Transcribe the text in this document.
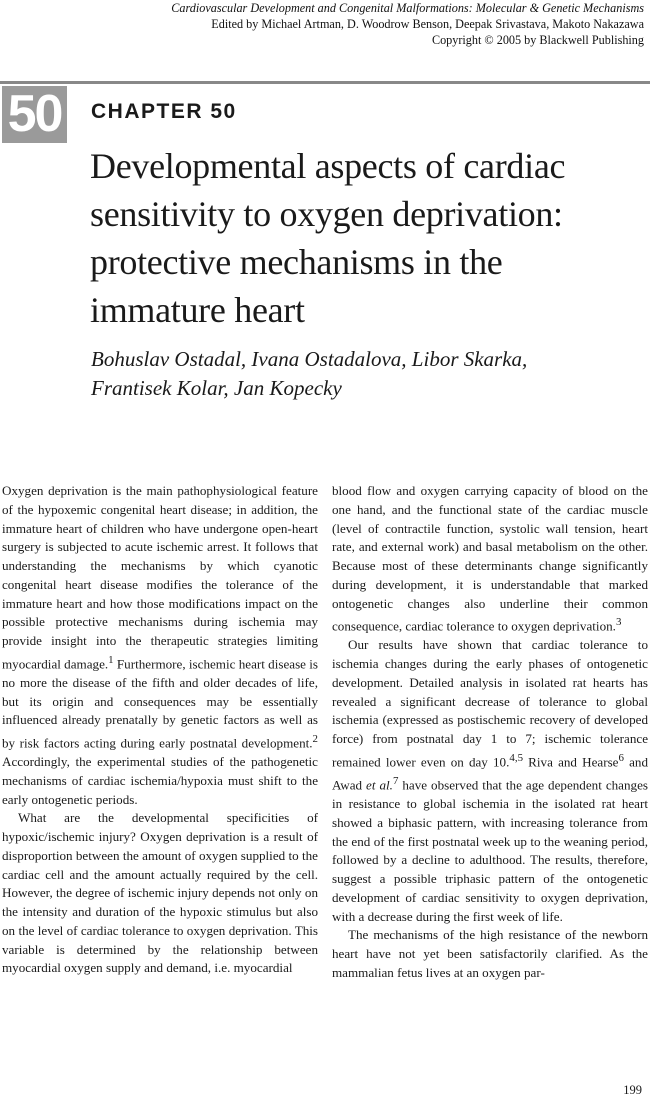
Cardiovascular Development and Congenital Malformations: Molecular & Genetic Mechanisms
Edited by Michael Artman, D. Woodrow Benson, Deepak Srivastava, Makoto Nakazawa
Copyright © 2005 by Blackwell Publishing
50 CHAPTER 50
Developmental aspects of cardiac
sensitivity to oxygen deprivation:
protective mechanisms in the
immature heart
Bohuslav Ostadal, Ivana Ostadalova, Libor Skarka,
Frantisek Kolar, Jan Kopecky

Oxygen deprivation is the main pathophysiological feature of the hypoxemic congenital heart disease; in addition, the immature heart of children who have undergone open-heart surgery is subjected to acute ischemic arrest. It follows that understanding the mechanisms by which cyanotic congenital heart disease modifies the tolerance of the immature heart and how those modifications impact on the possible protective mechanisms during ischemia may provide insight into the therapeutic strategies limiting myocardial damage.$^1$ Furthermore, ischemic heart disease is no more the disease of the fifth and older decades of life, but its origin and consequences may be essentially influenced already prenatally by genetic factors as well as by risk factors acting during early postnatal development.$^2$ Accordingly, the experimental studies of the pathogenetic mechanisms of cardiac ischemia/hypoxia must shift to the early ontogenetic periods.

What are the developmental specificities of hypoxic/ischemic injury? Oxygen deprivation is a result of disproportion between the amount of oxygen supplied to the cardiac cell and the amount actually required by the cell. However, the degree of ischemic injury depends not only on the intensity and duration of the hypoxic stimulus but also on the level of cardiac tolerance to oxygen deprivation. This variable is determined by the relationship between myocardial oxygen supply and demand, i.e. myocardial

blood flow and oxygen carrying capacity of blood on the one hand, and the functional state of the cardiac muscle (level of contractile function, systolic wall tension, heart rate, and external work) and basal metabolism on the other. Because most of these determinants change significantly during development, it is understandable that marked ontogenetic changes also underline their common consequence, cardiac tolerance to oxygen deprivation.$^3$

Our results have shown that cardiac tolerance to ischemia changes during the early phases of ontogenetic development. Detailed analysis in isolated rat hearts has revealed a significant decrease of tolerance to global ischemia (expressed as postischemic recovery of developed force) from postnatal day 1 to 7; ischemic tolerance remained lower even on day 10.$^{4,5}$ Riva and Hearse$^6$ and Awad et al.$^7$ have observed that the age dependent changes in resistance to global ischemia in the isolated rat heart showed a biphasic pattern, with increasing tolerance from the end of the first postnatal week up to the weaning period, followed by a decline to adulthood. The results, therefore, suggest a possible triphasic pattern of the ontogenetic development of cardiac sensitivity to oxygen deprivation, with a decrease during the first week of life.

The mechanisms of the high resistance of the newborn heart have not yet been satisfactorily clarified. As the mammalian fetus lives at an oxygen par-

199
